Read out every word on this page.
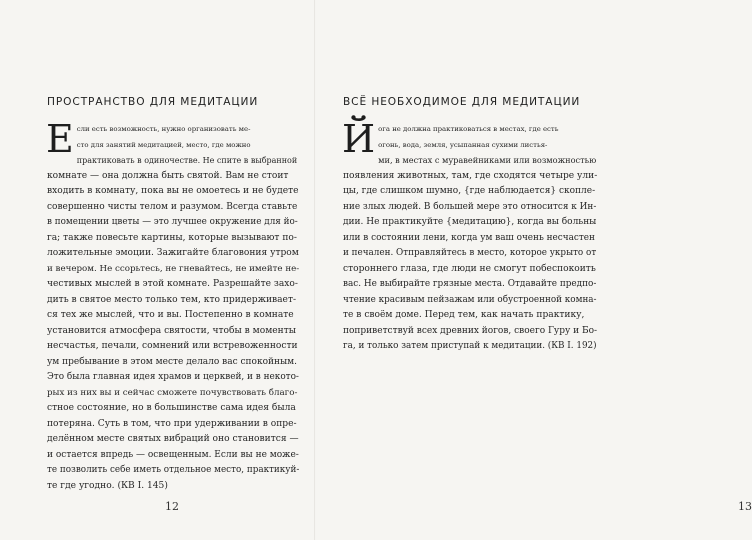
ПРОСТРАНСТВО ДЛЯ МЕДИТАЦИИ
Е сли есть возможность, нужно организовать ме-
сто для занятий медитацией, место, где можно
практиковать в одиночестве. Не спите в выбранной
комнате — она должна быть святой. Вам не стоит
входить в комнату, пока вы не омоетесь и не будете
совершенно чисты телом и разумом. Всегда ставьте
в помещении цветы — это лучшее окружение для йо-
га; также повесьте картины, которые вызывают по-
ложительные эмоции. Зажигайте благовония утром
и вечером. Не ссорьтесь, не гневайтесь, не имейте не-
честивых мыслей в этой комнате. Разрешайте захо-
дить в святое место только тем, кто придерживает-
ся тех же мыслей, что и вы. Постепенно в комнате
установится атмосфера святости, чтобы в моменты
несчастья, печали, сомнений или встревоженности
ум пребывание в этом месте делало вас спокойным.
Это была главная идея храмов и церквей, и в некото-
рых из них вы и сейчас сможете почувствовать благо-
стное состояние, но в большинстве сама идея была
потеряна. Суть в том, что при удерживании в опре-
делённом месте святых вибраций оно становится —
и остается впредь — освещенным. Если вы не може-
те позволить себе иметь отдельное место, практикуй-
те где угодно. (КВ I. 145)
12
ВСЁ НЕОБХОДИМОЕ ДЛЯ МЕДИТАЦИИ
Й ога не должна практиковаться в местах, где есть
огонь, вода, земля, усыпанная сухими листья-
ми, в местах с муравейниками или возможностью
появления животных, там, где сходятся четыре ули-
цы, где слишком шумно, {где наблюдается} скопле-
ние злых людей. В большей мере это относится к Ин-
дии. Не практикуйте {медитацию}, когда вы больны
или в состоянии лени, когда ум ваш очень несчастен
и печален. Отправляйтесь в место, которое укрыто от
стороннего глаза, где люди не смогут побеспокоить
вас. Не выбирайте грязные места. Отдавайте предпо-
чтение красивым пейзажам или обустроенной комна-
те в своём доме. Перед тем, как начать практику,
поприветствуй всех древних йогов, своего Гуру и Бо-
га, и только затем приступай к медитации. (КВ I. 192)
13
